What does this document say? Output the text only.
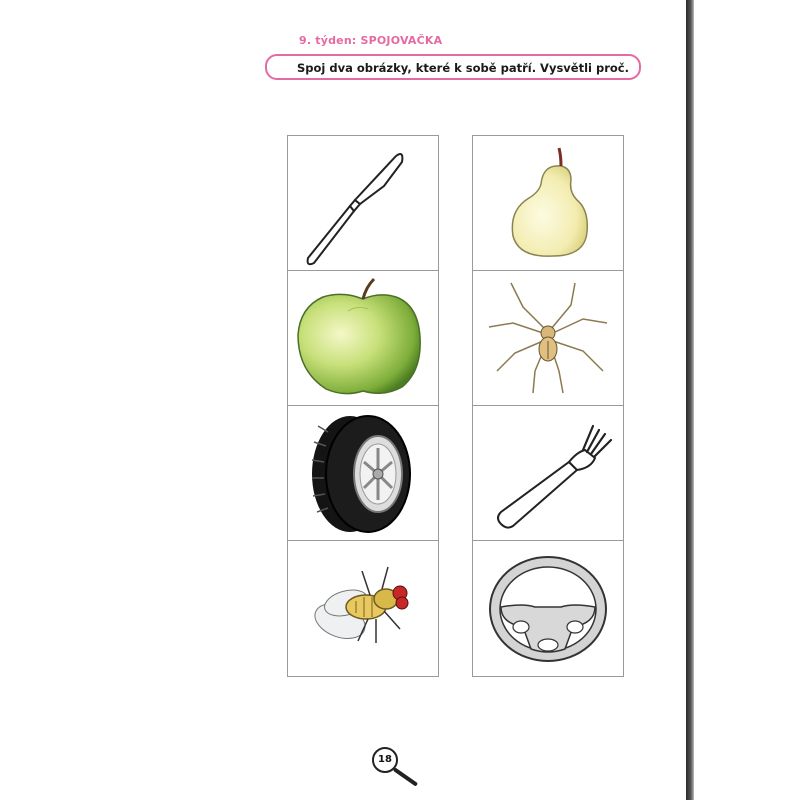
9. týden: SPOJOVAČKA
Spoj dva obrázky, které k sobě patří. Vysvětli proč.
18
